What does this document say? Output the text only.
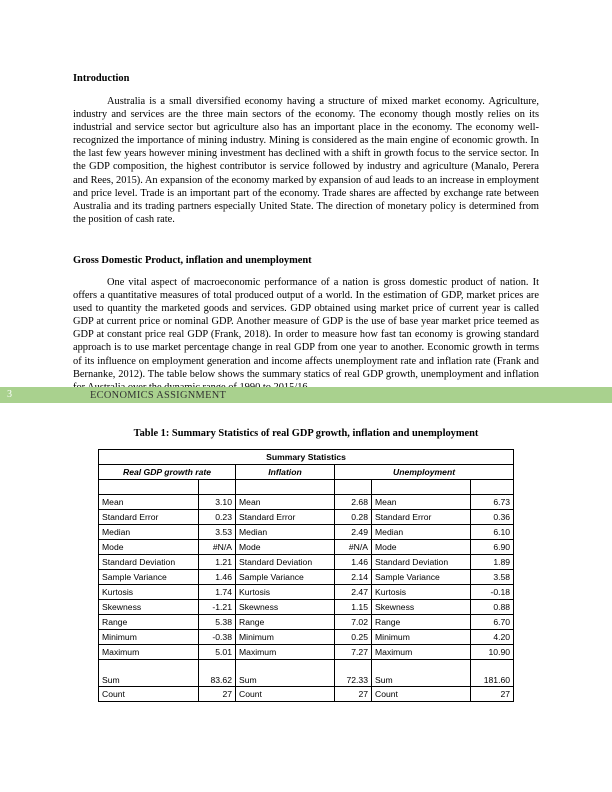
Introduction

Australia is a small diversified economy having a structure of mixed market economy. Agriculture, industry and services are the three main sectors of the economy. The economy though mostly relies on its industrial and service sector but agriculture also has an important place in the economy. The economy well-recognized the importance of mining industry. Mining is considered as the main engine of economic growth. In the last few years however mining investment has declined with a shift in growth focus to the service sector. In the GDP composition, the highest contributor is service followed by industry and agriculture (Manalo, Perera and Rees, 2015). An expansion of the economy marked by expansion of aud leads to an increase in employment and price level. Trade is an important part of the economy. Trade shares are affected by exchange rate between Australia and its trading partners especially United State. The direction of monetary policy is determined from the position of cash rate.

Gross Domestic Product, inflation and unemployment

One vital aspect of macroeconomic performance of a nation is gross domestic product of nation. It offers a quantitative measures of total produced output of a world. In the estimation of GDP, market prices are used to quantity the marketed goods and services. GDP obtained using market price of current year is called GDP at current price or nominal GDP. Another measure of GDP is the use of base year market price teemed as GDP at constant price real GDP (Frank, 2018). In order to measure how fast tan economy is growing standard approach is to use market percentage change in real GDP from one year to another. Economic growth in terms of its influence on employment generation and income affects unemployment rate and inflation rate (Frank and Bernanke, 2012). The table below shows the summary statics of real GDP growth, unemployment and inflation

3	ECONOMICS ASSIGNMENT
Table 1: Summary Statistics of real GDP growth, inflation and unemployment
Summary Statistics					
Real GDP growth rate		Inflation	Unemployment		

Mean	3.10	Mean	2.68	Mean	6.73
Standard Error	0.23	Standard Error	0.28	Standard Error	0.36
Median	3.53	Median	2.49	Median	6.10
Mode	#N/A	Mode	#N/A	Mode	6.90
Standard Deviation	1.21	Standard Deviation	1.46	Standard Deviation	1.89
Sample Variance	1.46	Sample Variance	2.14	Sample Variance	3.58
Kurtosis	1.74	Kurtosis	2.47	Kurtosis	-0.18
Skewness	-1.21	Skewness	1.15	Skewness	0.88
Range	5.38	Range	7.02	Range	6.70
Minimum	-0.38	Minimum	0.25	Minimum	4.20
Maximum	5.01	Maximum	7.27	Maximum	10.90
Sum	83.62	Sum	72.33	Sum	181.60
Count	27	Count	27	Count	27
